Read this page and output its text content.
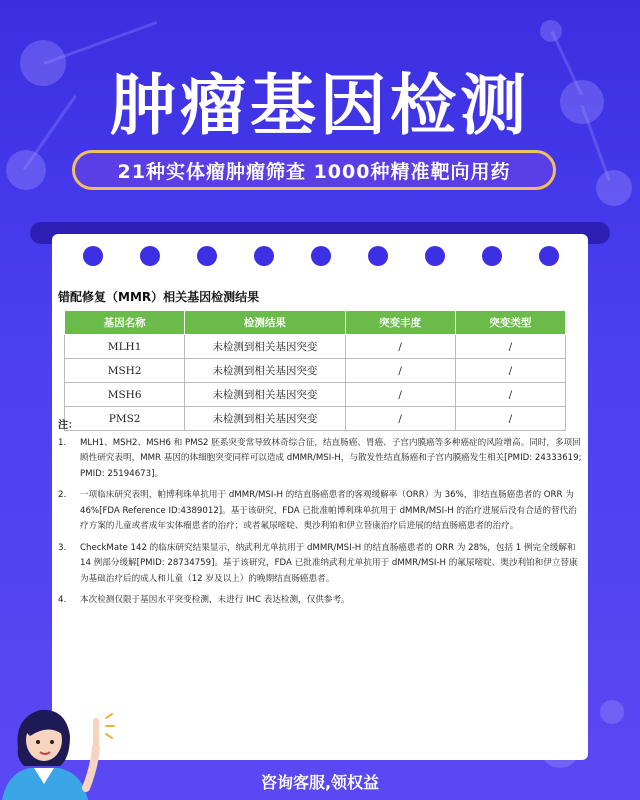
肿瘤基因检测
21种实体瘤肿瘤筛查 1000种精准靶向用药
错配修复（MMR）相关基因检测结果
基因名称	检测结果	突变丰度	突变类型
MLH1	未检测到相关基因突变	/	/
MSH2	未检测到相关基因突变	/	/
MSH6	未检测到相关基因突变	/	/
PMS2	未检测到相关基因突变	/	/
注：
1.	MLH1、MSH2、MSH6 和 PMS2 胚系突变常导致林奇综合征，结直肠癌、胃癌、子宫内膜癌等多种癌症的风险增高。同时，多项回顾性研究表明，MMR 基因的体细胞突变同样可以造成 dMMR/MSI-H，与散发性结直肠癌和子宫内膜癌发生相关[PMID: 24333619; PMID: 25194673]。
2.	一项临床研究表明，帕博利珠单抗用于 dMMR/MSI-H 的结直肠癌患者的客观缓解率（ORR）为 36%，非结直肠癌患者的 ORR 为 46%[FDA Reference ID:4389012]。基于该研究，FDA 已批准帕博利珠单抗用于 dMMR/MSI-H 的治疗进展后没有合适的替代治疗方案的儿童或者成年实体瘤患者的治疗；或者氟尿嘧啶、奥沙利铂和伊立替康治疗后进展的结直肠癌患者的治疗。
3.	CheckMate 142 的临床研究结果显示，纳武利尤单抗用于 dMMR/MSI-H 的结直肠癌患者的 ORR 为 28%，包括 1 例完全缓解和 14 例部分缓解[PMID: 28734759]。基于该研究，FDA 已批准纳武利尤单抗用于 dMMR/MSI-H 的氟尿嘧啶、奥沙利铂和伊立替康为基础治疗后的成人和儿童（12 岁及以上）的晚期结直肠癌患者。
4.	本次检测仅限于基因水平突变检测，未进行 IHC 表达检测，仅供参考。
咨询客服,领权益
